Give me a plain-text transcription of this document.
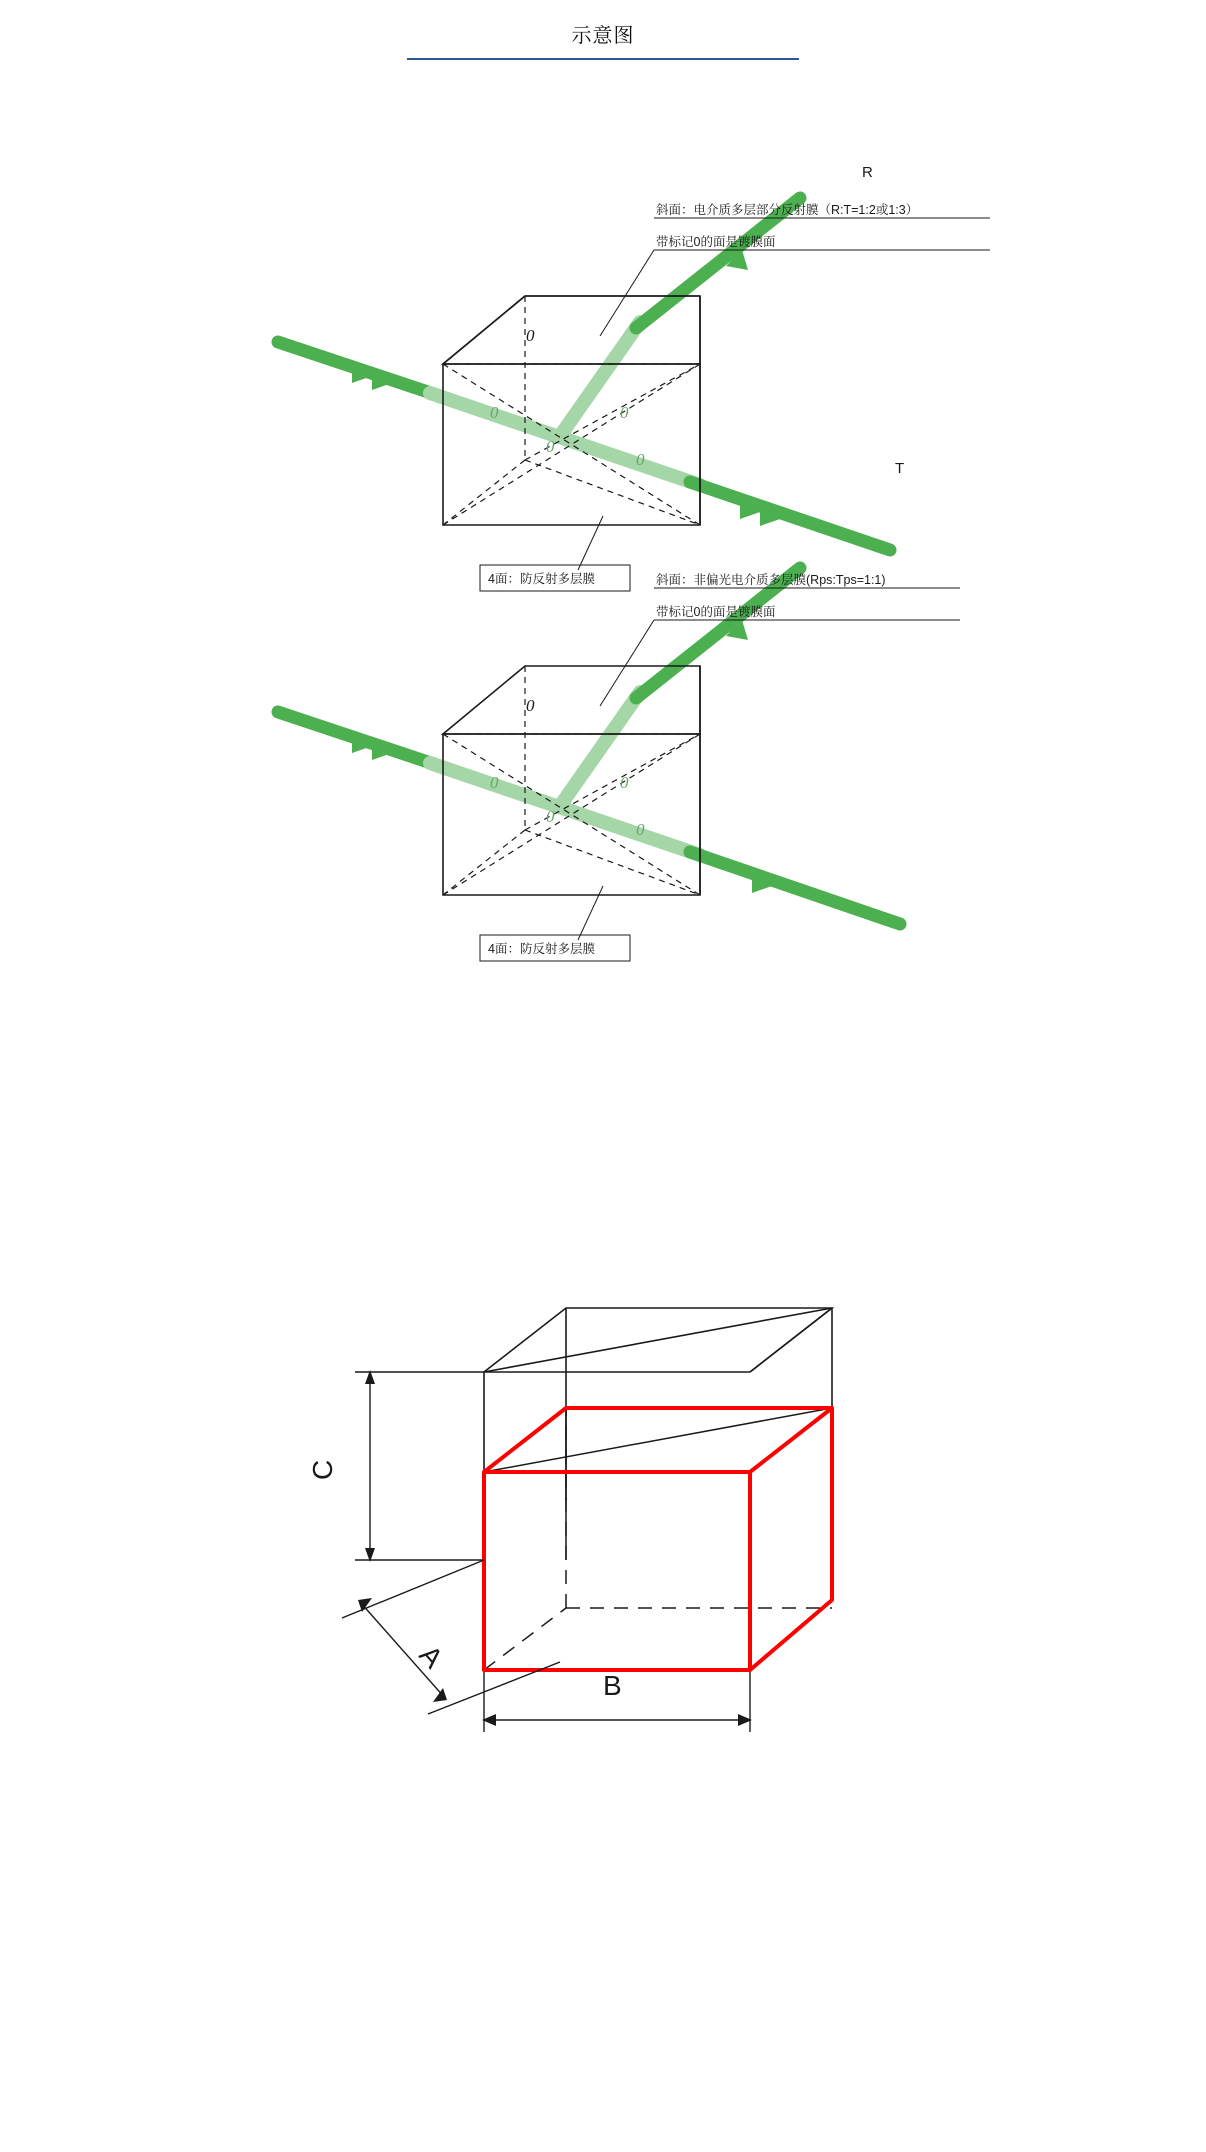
示意图
0
0
0
0
0
斜面：电介质多层部分反射膜（R:T=1:2或1:3）
带标记0的面是镀膜面
4面：防反射多层膜
R
T
0
0
0
0
0
斜面：非偏光电介质多层膜(Rps:Tps=1:1)
带标记0的面是镀膜面
4面：防反射多层膜
C
A
B
